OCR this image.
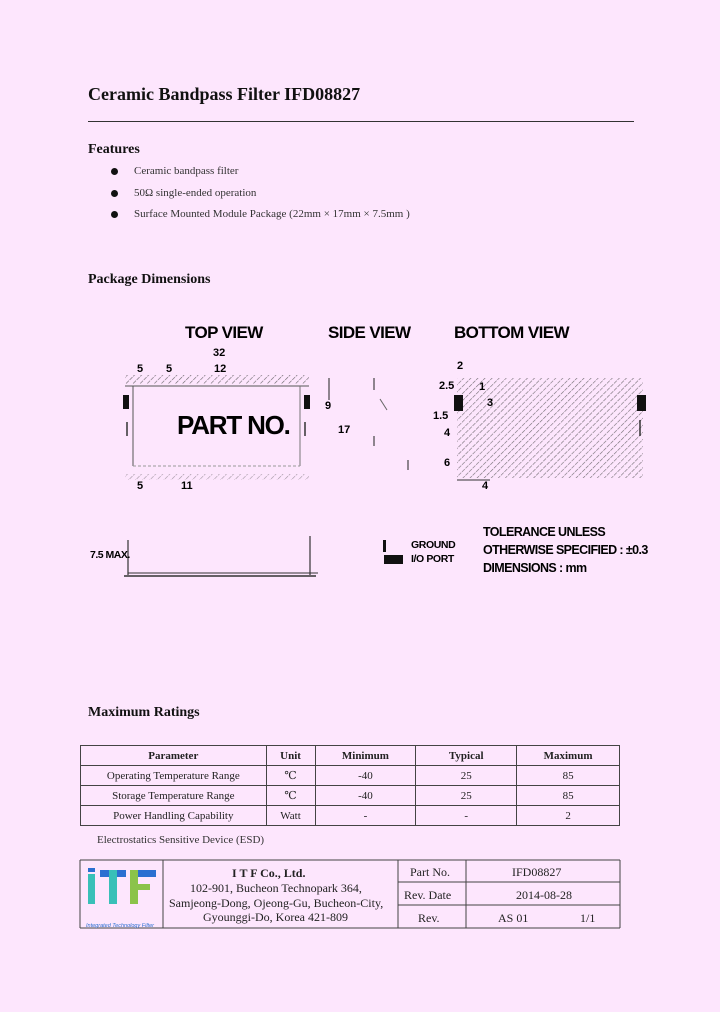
Ceramic Bandpass Filter IFD08827
Features
Ceramic bandpass filter
50Ω single-ended operation
Surface Mounted Module Package (22mm × 17mm × 7.5mm )
Package Dimensions
TOP VIEW	SIDE VIEW	BOTTOM VIEW
PART NO.
32
5 5	12
5	11
9
17
2
2.5 1
3
1.5
4
6
4
7.5 MAX.
GROUND
I/O PORT
TOLERANCE UNLESS
OTHERWISE SPECIFIED : ±0.3
DIMENSIONS : mm
Maximum Ratings
Parameter	Unit	Minimum	Typical	Maximum
Operating Temperature Range	℃	-40	25	85
Storage Temperature Range	℃	-40	25	85
Power Handling Capability	Watt	-	-	2
Electrostatics Sensitive Device (ESD)
Integrated Technology Filter
I T F Co., Ltd.
102-901, Bucheon Technopark 364,
Samjeong-Dong, Ojeong-Gu, Bucheon-City,
Gyounggi-Do, Korea 421-809
Part No.	IFD08827
Rev. Date	2014-08-28
Rev.	AS 01	1/1
